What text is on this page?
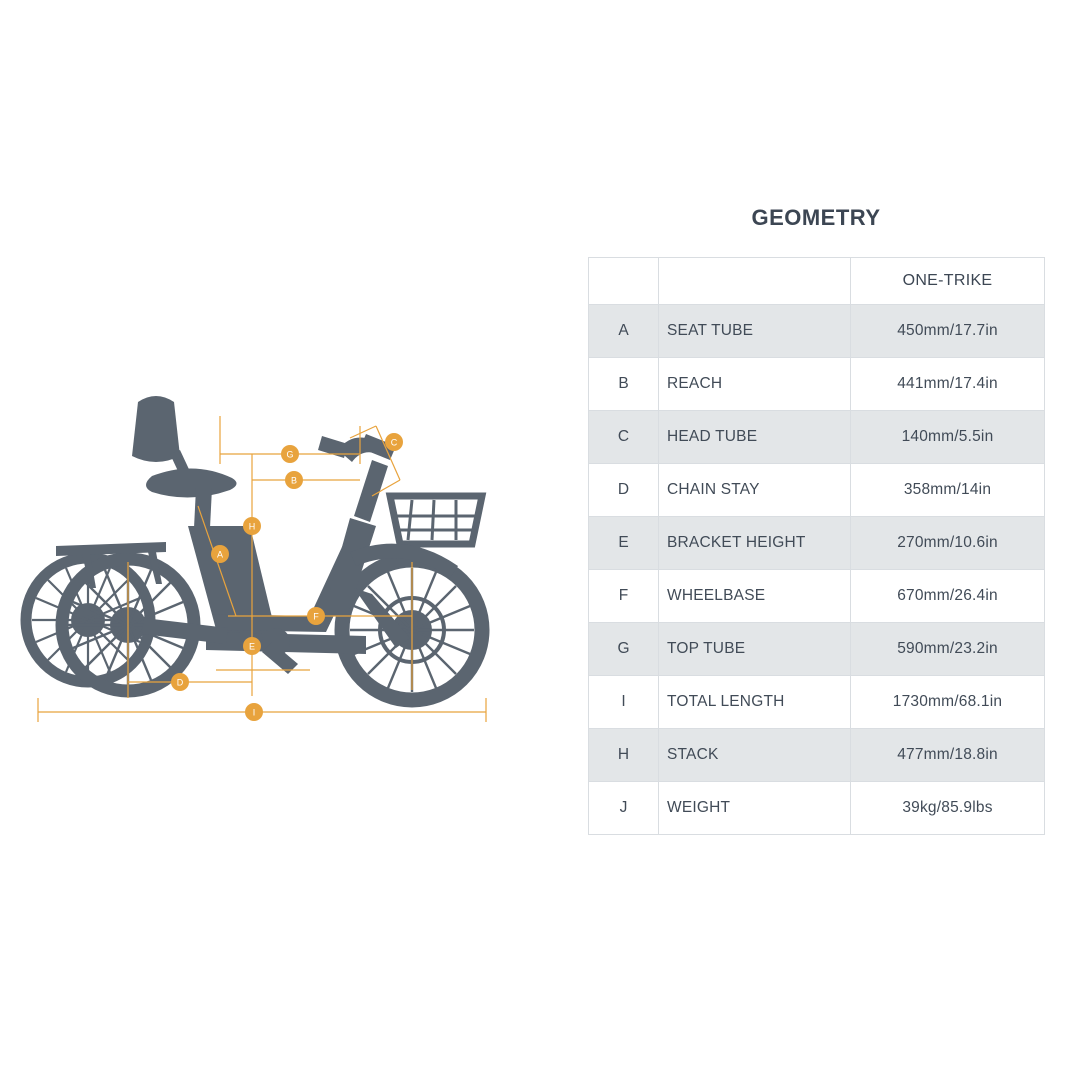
G
B
C
H
A
F
E
D
I
GEOMETRY
		ONE-TRIKE
A	SEAT TUBE	450mm/17.7in
B	REACH	441mm/17.4in
C	HEAD TUBE	140mm/5.5in
D	CHAIN STAY	358mm/14in
E	BRACKET HEIGHT	270mm/10.6in
F	WHEELBASE	670mm/26.4in
G	TOP TUBE	590mm/23.2in
I	TOTAL LENGTH	1730mm/68.1in
H	STACK	477mm/18.8in
J	WEIGHT	39kg/85.9lbs
